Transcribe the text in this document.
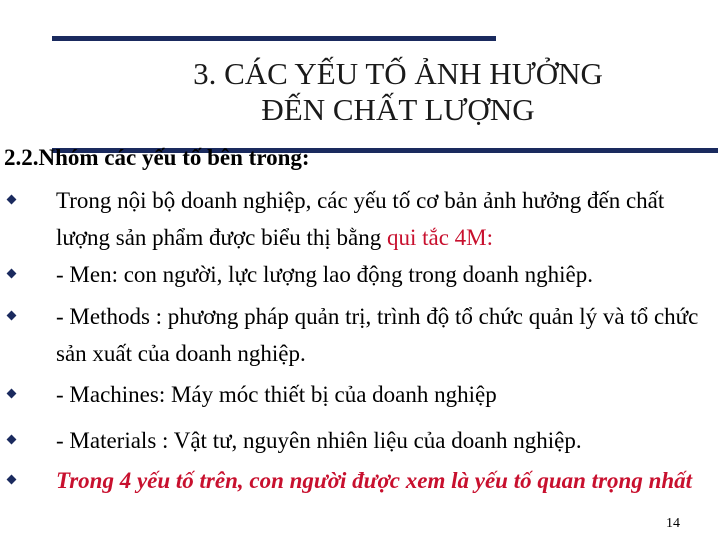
3. CÁC YẾU TỐ ẢNH HƯỞNG
ĐẾN CHẤT LƯỢNG
2.2.Nhóm các yếu tố bên trong:
Trong nội bộ doanh nghiệp, các yếu tố cơ bản ảnh hưởng đến chất lượng sản phẩm được biểu thị bằng qui tắc 4M:
- Men: con người, lực lượng lao động trong doanh nghiêp.
- Methods : phương pháp quản trị, trình độ tổ chức quản lý và tổ chức sản xuất của doanh nghiệp.
- Machines: Máy móc thiết bị của doanh nghiệp
- Materials : Vật tư, nguyên nhiên liệu của doanh nghiệp.
Trong 4 yếu tố trên, con người được xem là yếu tố quan trọng nhất
14
